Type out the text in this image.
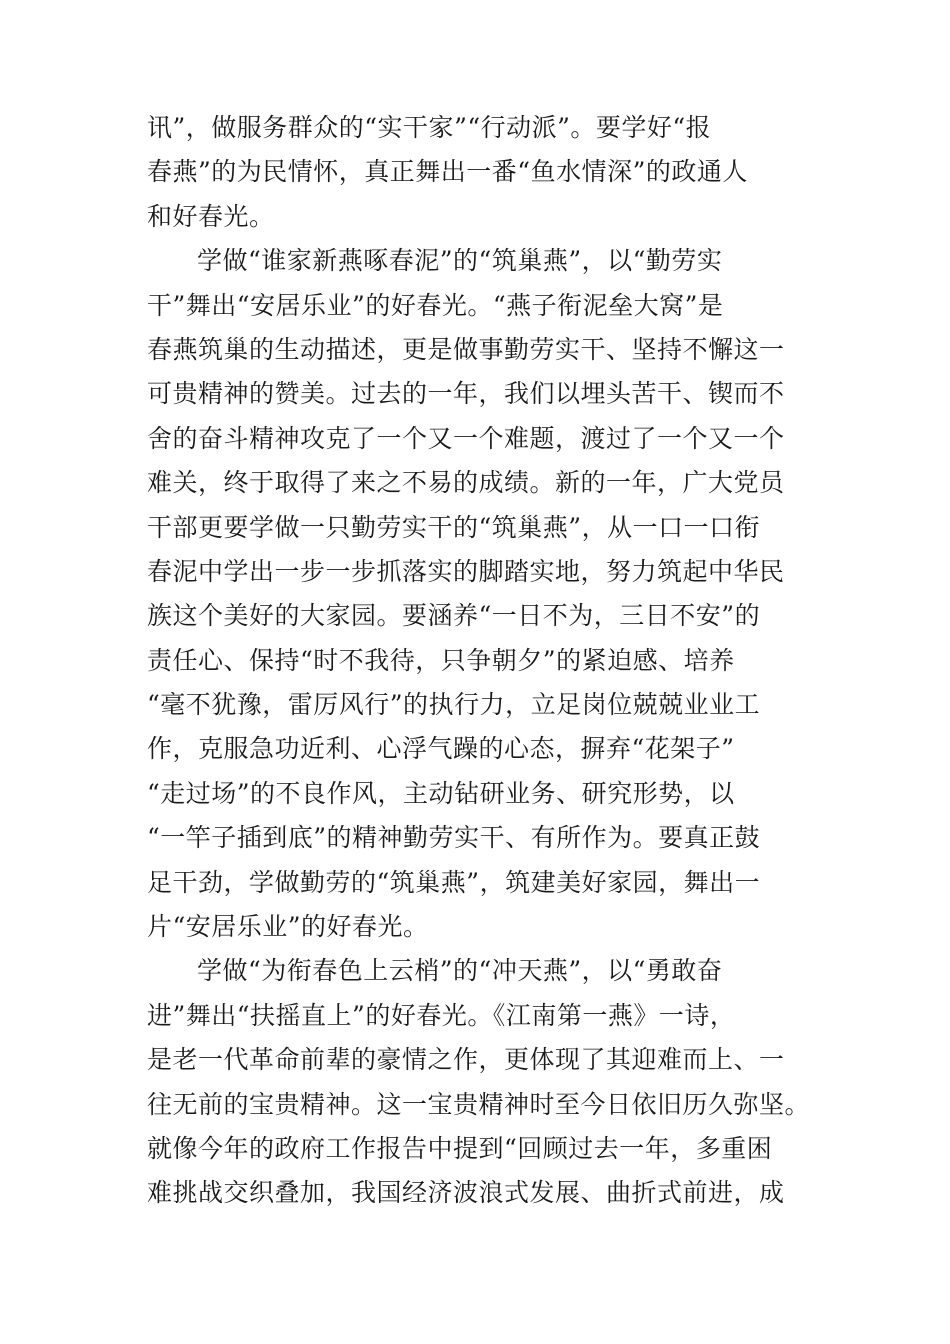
讯”，做服务群众的“实干家”“行动派”。要学好“报
春燕”的为民情怀，真正舞出一番“鱼水情深”的政通人
和好春光。
学做“谁家新燕啄春泥”的“筑巢燕”，以“勤劳实
干”舞出“安居乐业”的好春光。“燕子衔泥垒大窝”是
春燕筑巢的生动描述，更是做事勤劳实干、坚持不懈这一
可贵精神的赞美。过去的一年，我们以埋头苦干、锲而不
舍的奋斗精神攻克了一个又一个难题，渡过了一个又一个
难关，终于取得了来之不易的成绩。新的一年，广大党员
干部更要学做一只勤劳实干的“筑巢燕”，从一口一口衔
春泥中学出一步一步抓落实的脚踏实地，努力筑起中华民
族这个美好的大家园。要涵养“一日不为，三日不安”的
责任心、保持“时不我待，只争朝夕”的紧迫感、培养
“毫不犹豫，雷厉风行”的执行力，立足岗位兢兢业业工
作，克服急功近利、心浮气躁的心态，摒弃“花架子”
“走过场”的不良作风，主动钻研业务、研究形势，以
“一竿子插到底”的精神勤劳实干、有所作为。要真正鼓
足干劲，学做勤劳的“筑巢燕”，筑建美好家园，舞出一
片“安居乐业”的好春光。
学做“为衔春色上云梢”的“冲天燕”，以“勇敢奋
进”舞出“扶摇直上”的好春光。《江南第一燕》一诗，
是老一代革命前辈的豪情之作，更体现了其迎难而上、一
往无前的宝贵精神。这一宝贵精神时至今日依旧历久弥坚。
就像今年的政府工作报告中提到“回顾过去一年，多重困
难挑战交织叠加，我国经济波浪式发展、曲折式前进，成
